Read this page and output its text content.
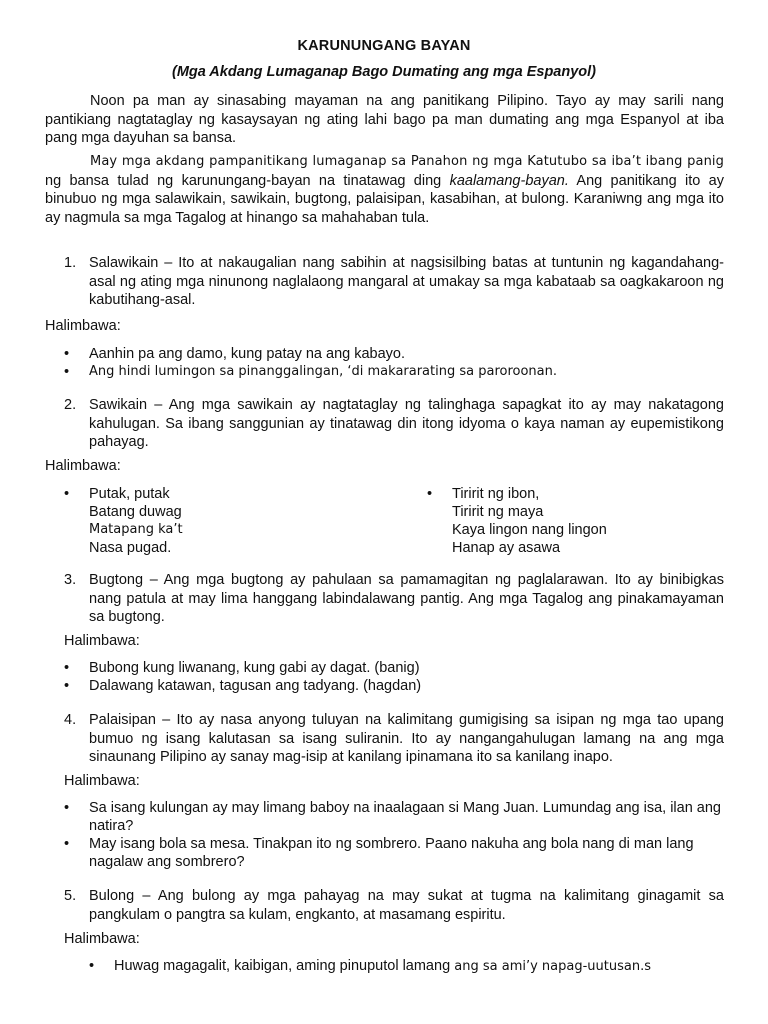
KARUNUNGANG BAYAN
(Mga Akdang Lumaganap Bago Dumating ang mga Espanyol)

Noon pa man ay sinasabing mayaman na ang panitikang Pilipino. Tayo ay may sarili nang pantikiang nagtataglay ng kasaysayan ng ating lahi bago pa man dumating ang mga Espanyol at iba pang mga dayuhan sa bansa.

May mga akdang pampanitikang lumaganap sa Panahon ng mga Katutubo sa iba’t ibang panig ng bansa tulad ng karunungang-bayan na tinatawag ding kaalamang-bayan. Ang panitikang ito ay binubuo ng mga salawikain, sawikain, bugtong, palaisipan, kasabihan, at bulong. Karaniwng ang mga ito ay nagmula sa mga Tagalog at hinango sa mahahaban tula.

1. Salawikain – Ito at nakaugalian nang sabihin at nagsisilbing batas at tuntunin ng kagandahang-asal ng ating mga ninunong naglalaong mangaral at umakay sa mga kabataab sa oagkakaroon ng kabutihang-asal.
Halimbawa:
• Aanhin pa ang damo, kung patay na ang kabayo.
• Ang hindi lumingon sa pinanggalingan, ‘di makararating sa paroroonan.
2. Sawikain – Ang mga sawikain ay nagtataglay ng talinghaga sapagkat ito ay may nakatagong kahulugan. Sa ibang sanggunian ay tinatawag din itong idyoma o kaya naman ay eupemistikong pahayag.
Halimbawa:
• Putak, putak
Batang duwag
Matapang ka’t
Nasa pugad.
• Tiririt ng ibon,
Tiririt ng maya
Kaya lingon nang lingon
Hanap ay asawa
3. Bugtong – Ang mga bugtong ay pahulaan sa pamamagitan ng paglalarawan. Ito ay binibigkas nang patula at may lima hanggang labindalawang pantig. Ang mga Tagalog ang pinakamayaman sa bugtong.
Halimbawa:
• Bubong kung liwanang, kung gabi ay dagat. (banig)
• Dalawang katawan, tagusan ang tadyang. (hagdan)
4. Palaisipan – Ito ay nasa anyong tuluyan na kalimitang gumigising sa isipan ng mga tao upang bumuo ng isang kalutasan sa isang suliranin. Ito ay nangangahulugan lamang na ang mga sinaunang Pilipino ay sanay mag-isip at kanilang ipinamana ito sa kanilang inapo.
Halimbawa:
• Sa isang kulungan ay may limang baboy na inaalagaan si Mang Juan. Lumundag ang isa, ilan ang natira?
• May isang bola sa mesa. Tinakpan ito ng sombrero. Paano nakuha ang bola nang di man lang nagalaw ang sombrero?
5. Bulong – Ang bulong ay mga pahayag na may sukat at tugma na kalimitang ginagamit sa pangkulam o pangtra sa kulam, engkanto, at masamang espiritu.
Halimbawa:
• Huwag magagalit, kaibigan, aming pinuputol lamang ang sa ami’y napag-uutusan.s
